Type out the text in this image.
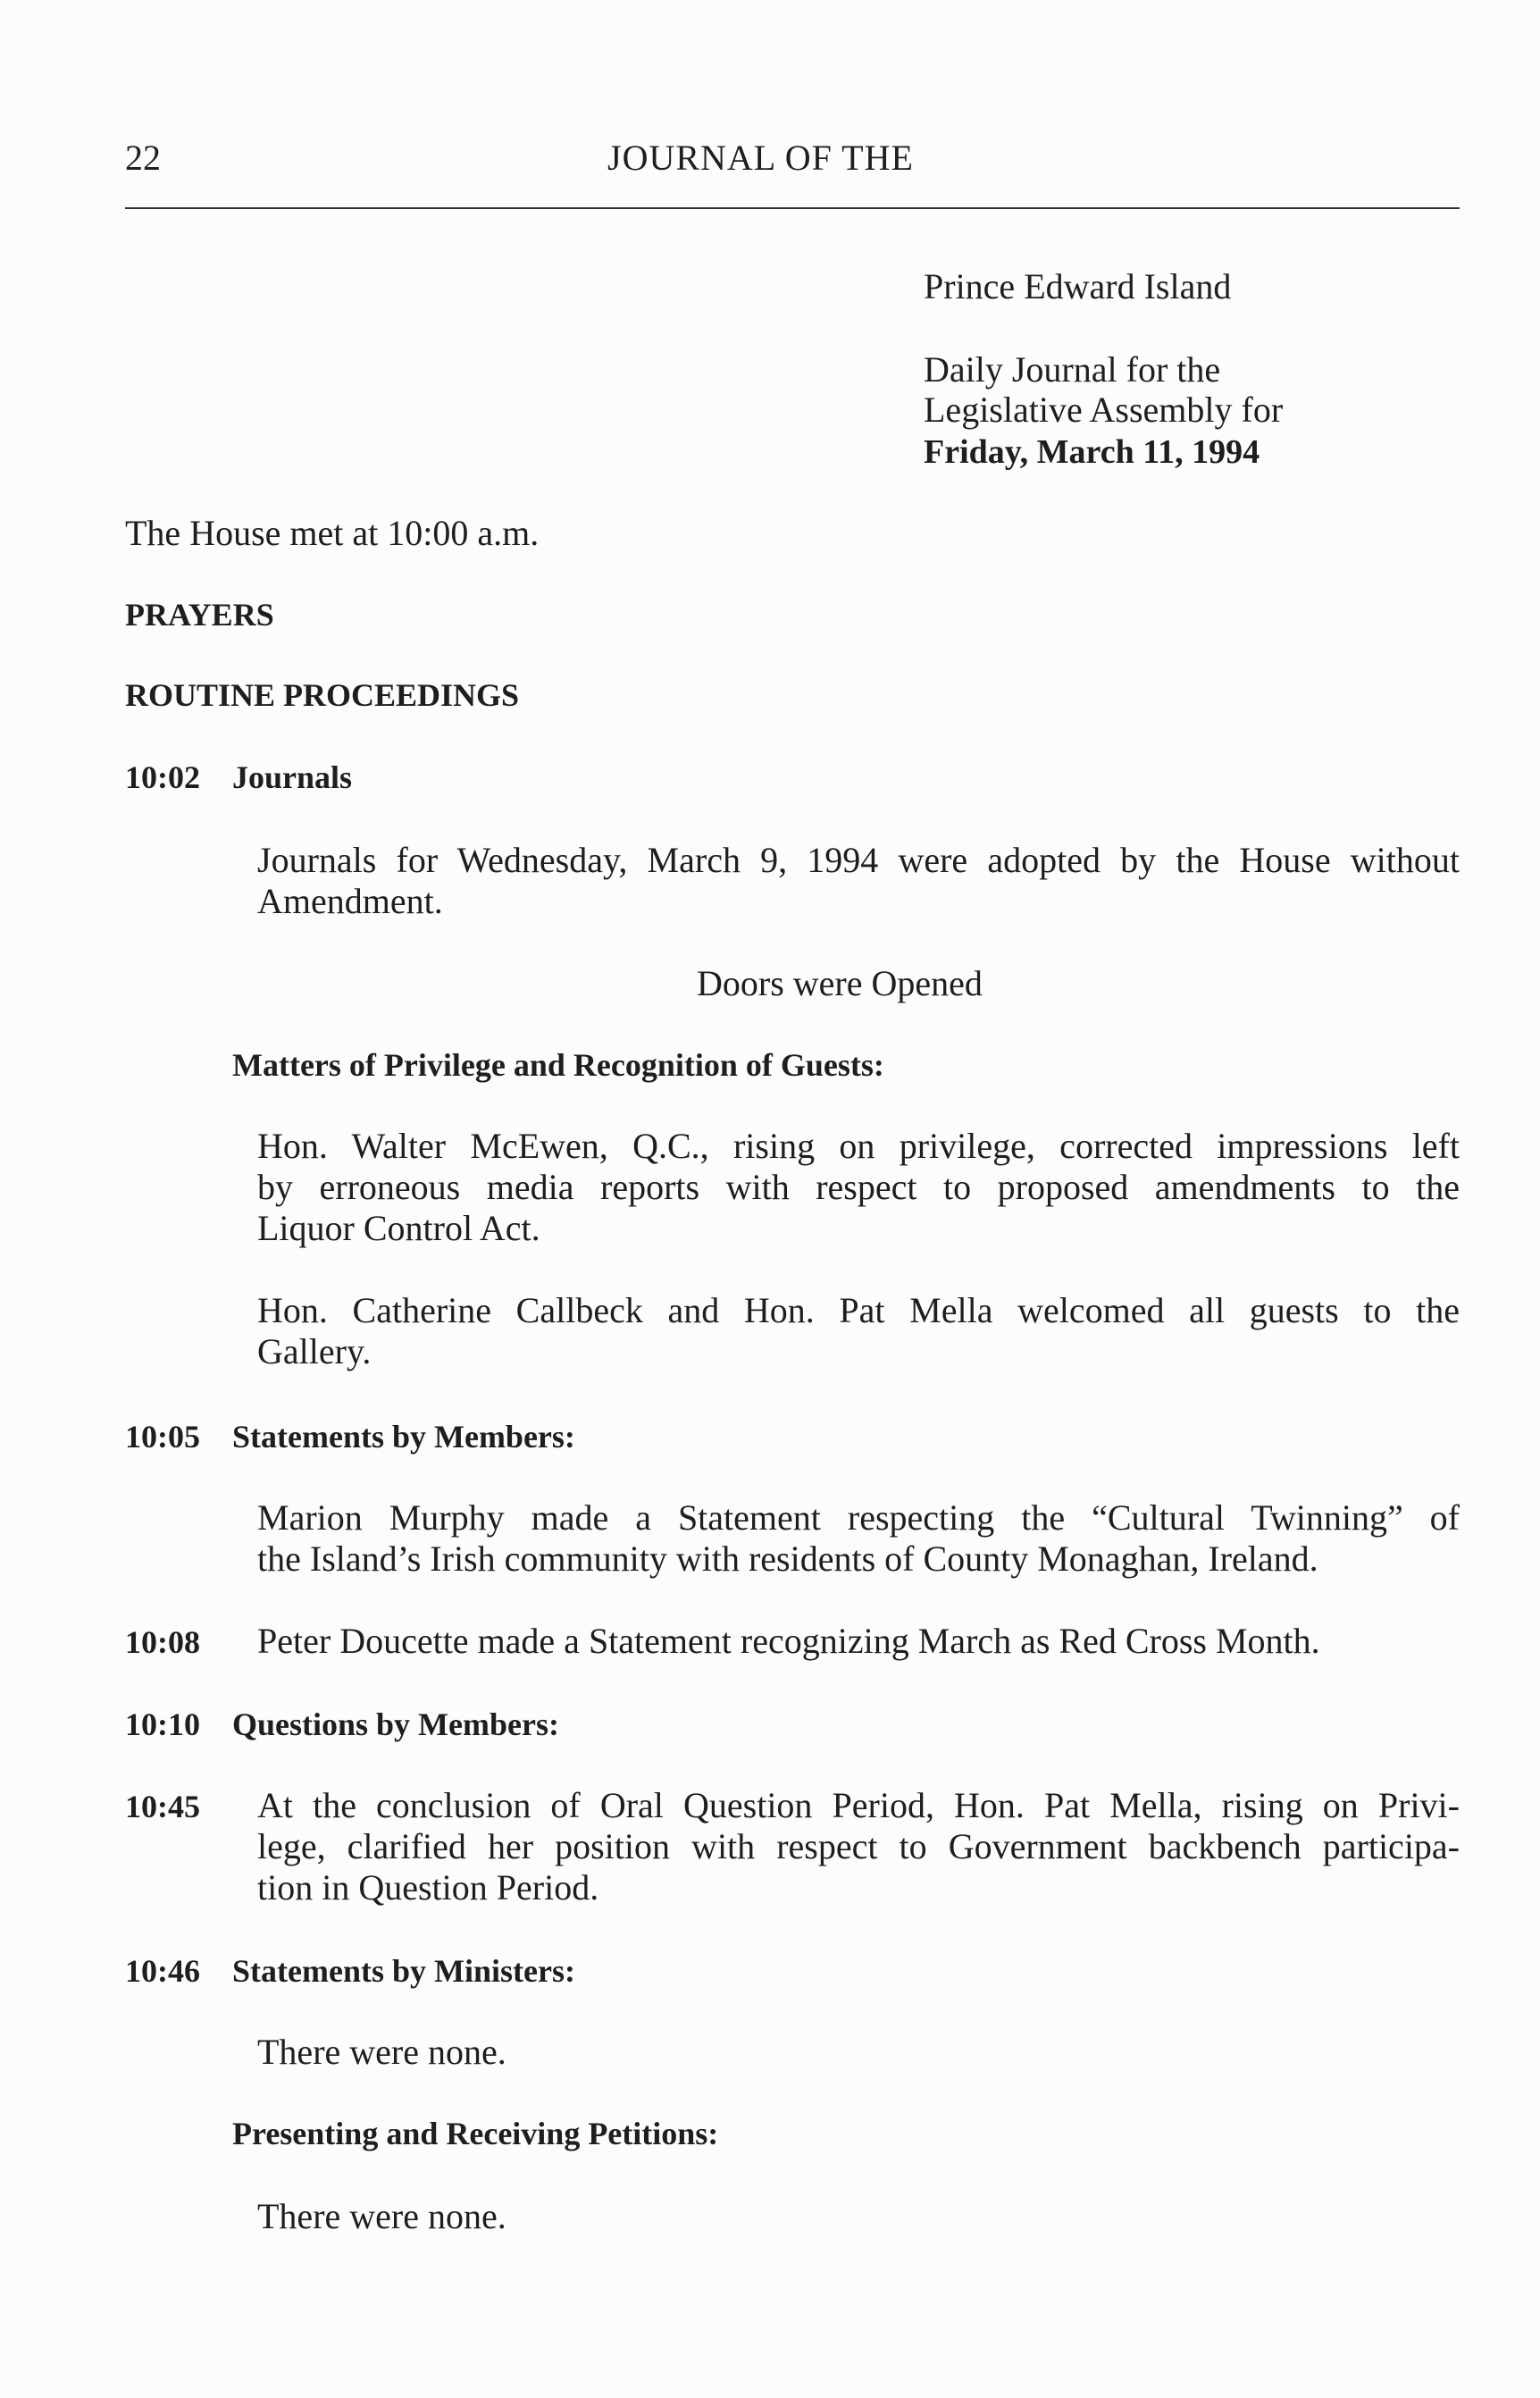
22	JOURNAL OF THE
Prince Edward Island
Daily Journal for the
Legislative Assembly for
Friday, March 11, 1994
The House met at 10:00 a.m.
PRAYERS
ROUTINE PROCEEDINGS
10:02 Journals
Journals for Wednesday, March 9, 1994 were adopted by the House without
Amendment.
Doors were Opened
Matters of Privilege and Recognition of Guests:
Hon. Walter McEwen, Q.C., rising on privilege, corrected impressions left
by erroneous media reports with respect to proposed amendments to the
Liquor Control Act.
Hon. Catherine Callbeck and Hon. Pat Mella welcomed all guests to the
Gallery.
10:05 Statements by Members:
Marion Murphy made a Statement respecting the “Cultural Twinning” of
the Island’s Irish community with residents of County Monaghan, Ireland.
10:08 Peter Doucette made a Statement recognizing March as Red Cross Month.
10:10 Questions by Members:
10:45 At the conclusion of Oral Question Period, Hon. Pat Mella, rising on Privi-
lege, clarified her position with respect to Government backbench participa-
tion in Question Period.
10:46 Statements by Ministers:
There were none.
Presenting and Receiving Petitions:
There were none.
